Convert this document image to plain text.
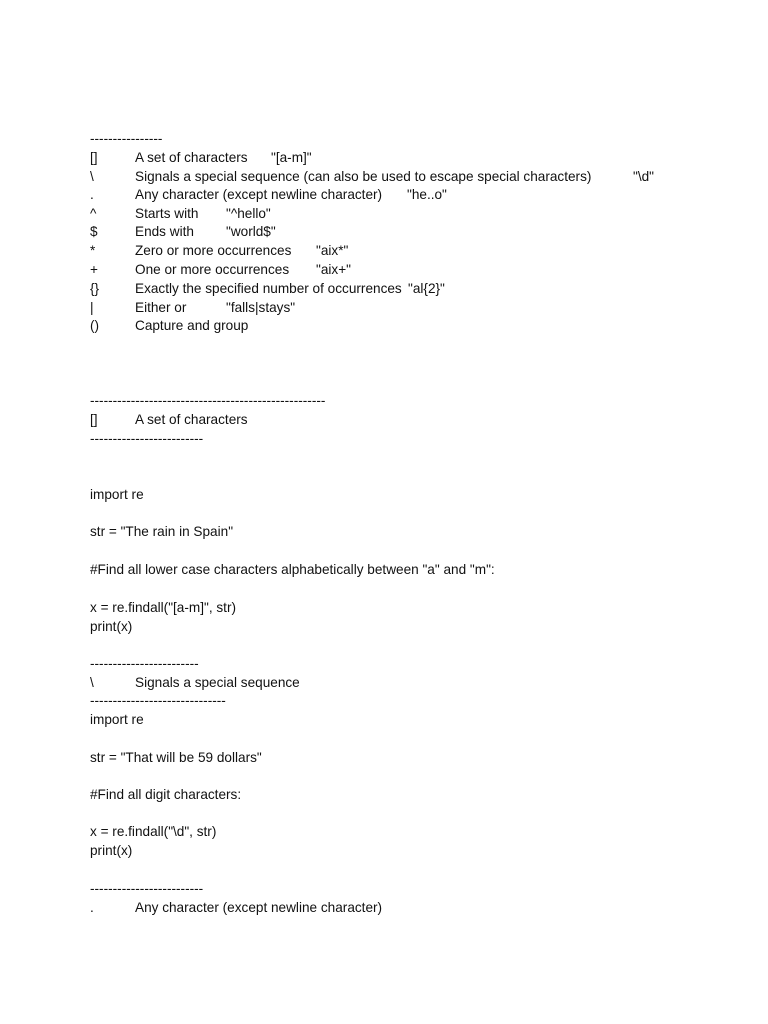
----------------
[]	A set of characters "[a-m]"
\	Signals a special sequence (can also be used to escape special characters)	"\d"
.	Any character (except newline character) "he..o"
^	Starts with "^hello"
$	Ends with "world$"
*	Zero or more occurrences "aix*"
+	One or more occurrences "aix+"
{}	Exactly the specified number of occurrences "al{2}"
|	Either or	"falls|stays"
()	Capture and group
----------------------------------------------------
[]	A set of characters
-------------------------
import re
str = "The rain in Spain"
#Find all lower case characters alphabetically between "a" and "m":
x = re.findall("[a-m]", str)
print(x)
------------------------
\	Signals a special sequence
------------------------------
import re
str = "That will be 59 dollars"
#Find all digit characters:
x = re.findall("\d", str)
print(x)
-------------------------
.	Any character (except newline character)
